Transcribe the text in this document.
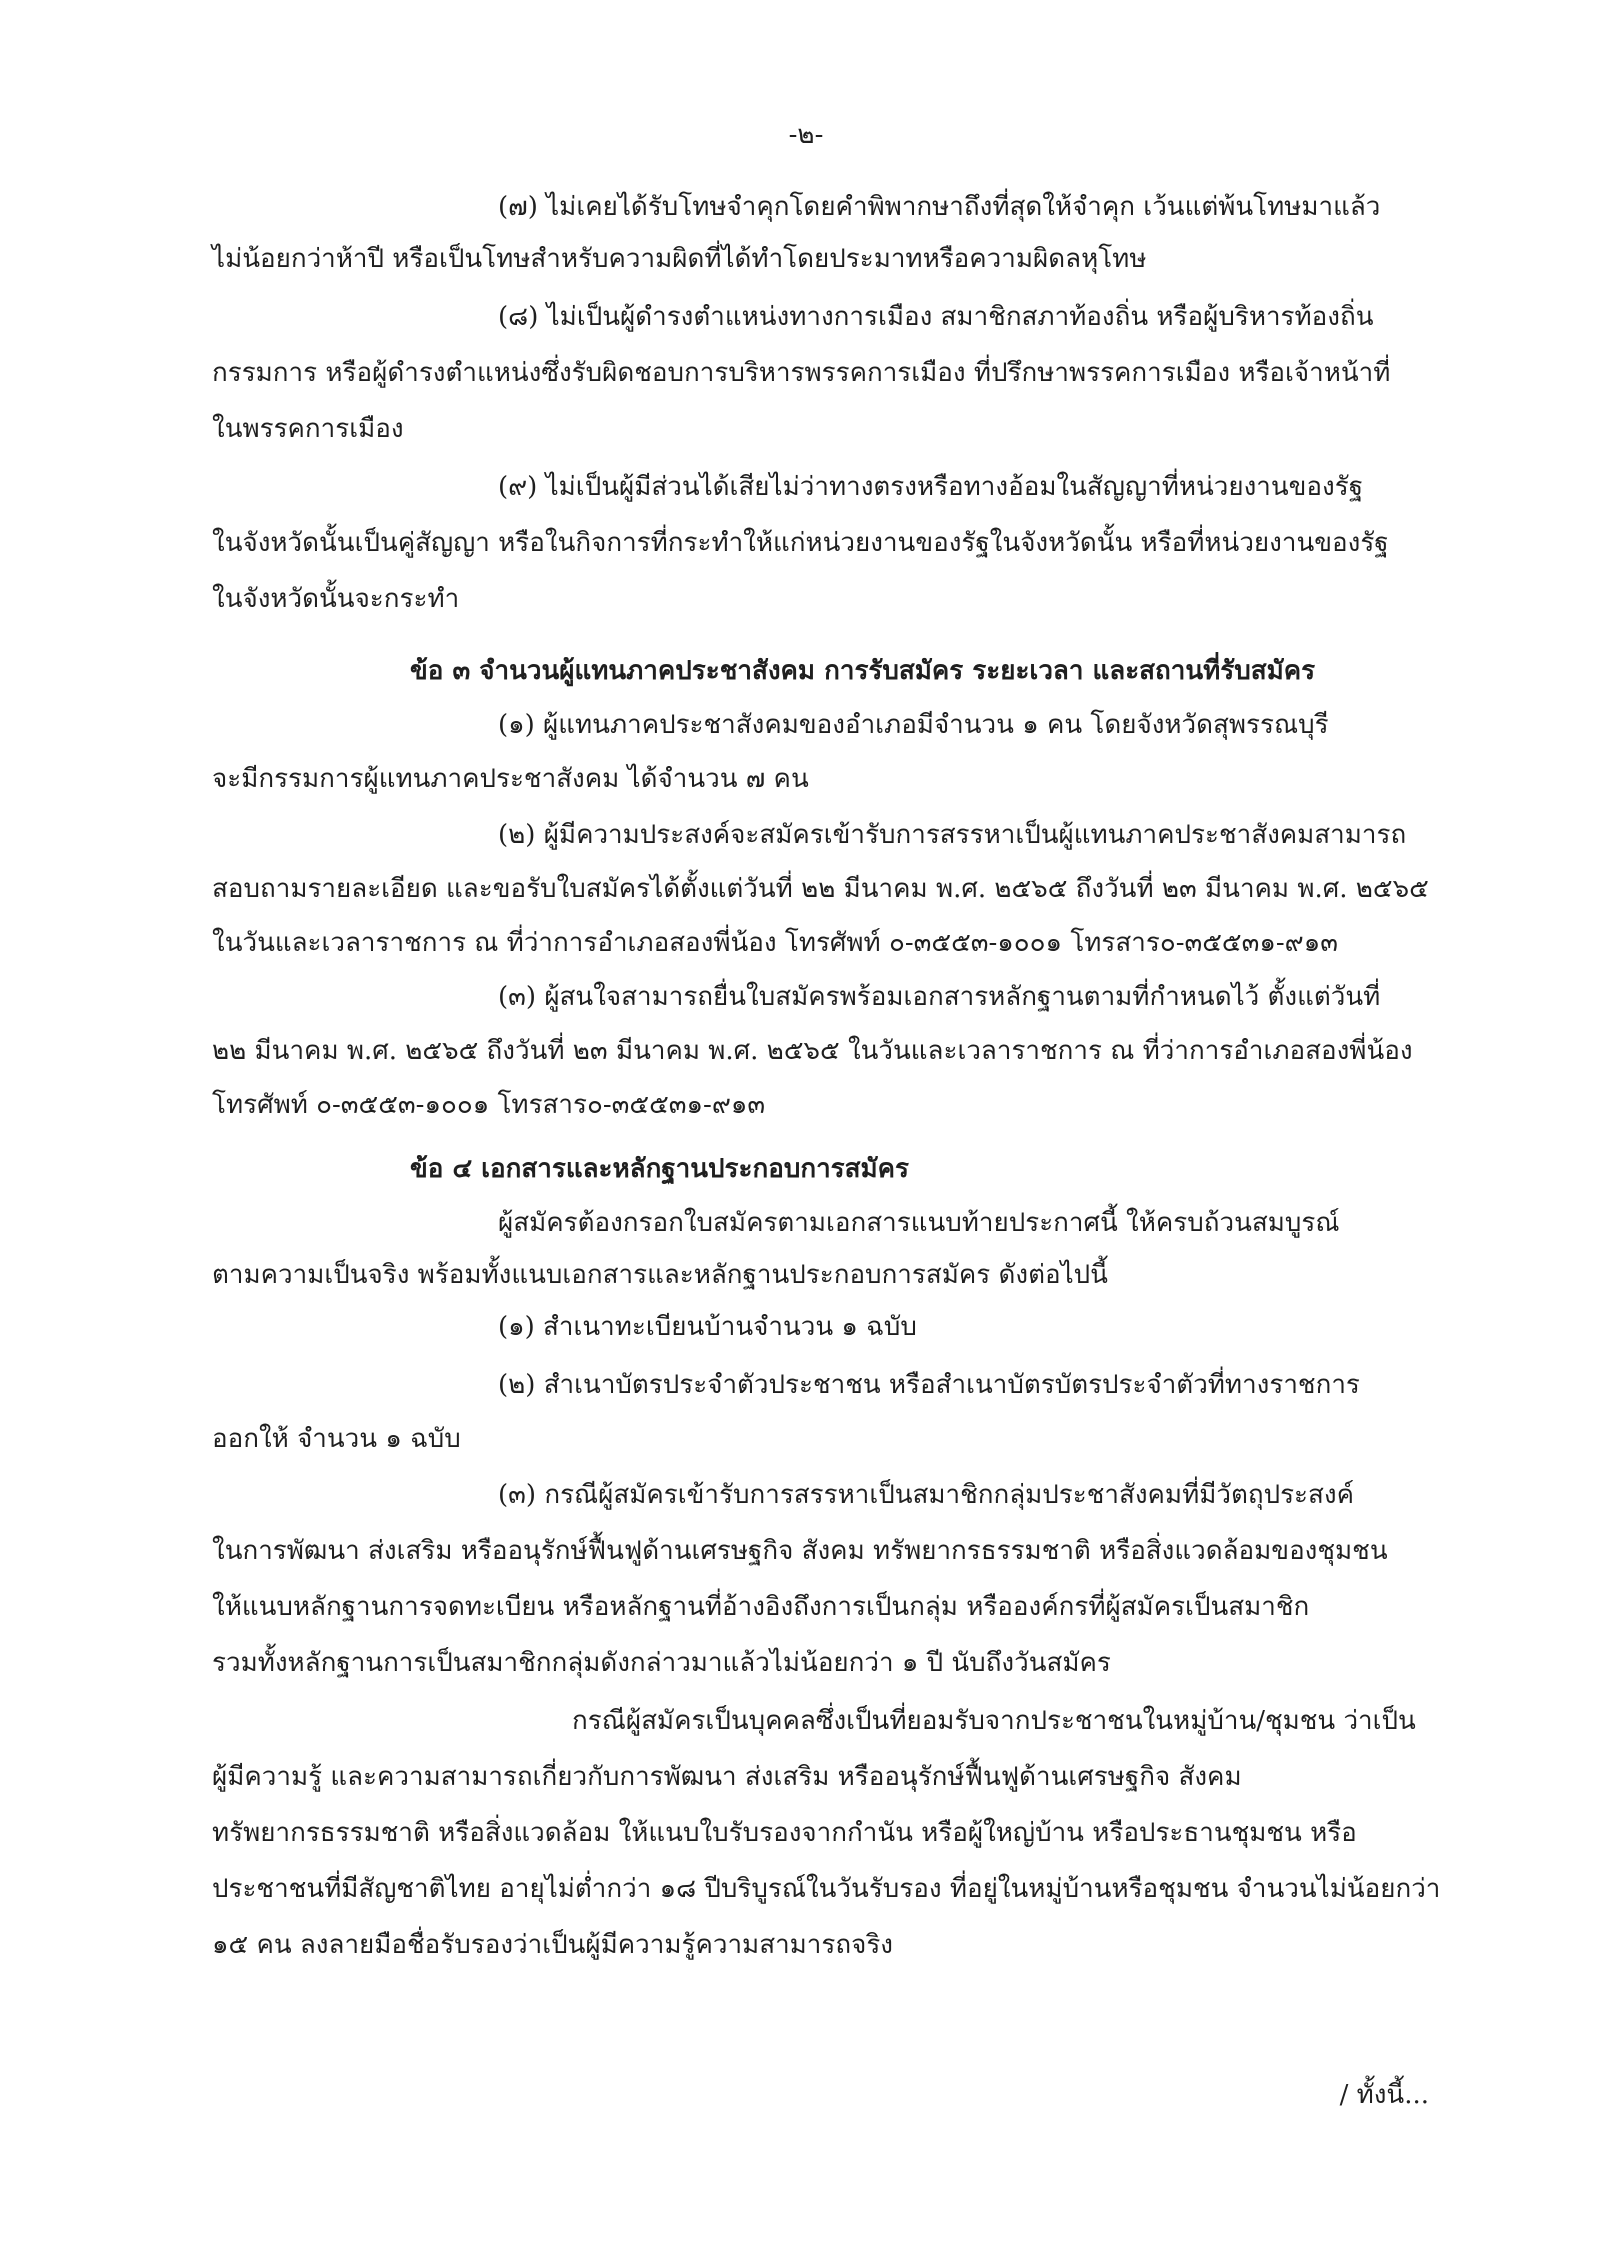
-๒-
(๗) ไม่เคยได้รับโทษจำคุกโดยคำพิพากษาถึงที่สุดให้จำคุก เว้นแต่พ้นโทษมาแล้ว
ไม่น้อยกว่าห้าปี หรือเป็นโทษสำหรับความผิดที่ได้ทำโดยประมาทหรือความผิดลหุโทษ
(๘) ไม่เป็นผู้ดำรงตำแหน่งทางการเมือง สมาชิกสภาท้องถิ่น หรือผู้บริหารท้องถิ่น
กรรมการ หรือผู้ดำรงตำแหน่งซึ่งรับผิดชอบการบริหารพรรคการเมือง ที่ปรึกษาพรรคการเมือง หรือเจ้าหน้าที่
ในพรรคการเมือง
(๙) ไม่เป็นผู้มีส่วนได้เสียไม่ว่าทางตรงหรือทางอ้อมในสัญญาที่หน่วยงานของรัฐ
ในจังหวัดนั้นเป็นคู่สัญญา หรือในกิจการที่กระทำให้แก่หน่วยงานของรัฐในจังหวัดนั้น หรือที่หน่วยงานของรัฐ
ในจังหวัดนั้นจะกระทำ
ข้อ ๓ จำนวนผู้แทนภาคประชาสังคม การรับสมัคร ระยะเวลา และสถานที่รับสมัคร
(๑) ผู้แทนภาคประชาสังคมของอำเภอมีจำนวน ๑ คน โดยจังหวัดสุพรรณบุรี
จะมีกรรมการผู้แทนภาคประชาสังคม ได้จำนวน ๗ คน
(๒) ผู้มีความประสงค์จะสมัครเข้ารับการสรรหาเป็นผู้แทนภาคประชาสังคมสามารถ
สอบถามรายละเอียด และขอรับใบสมัครได้ตั้งแต่วันที่ ๒๒ มีนาคม พ.ศ. ๒๕๖๕ ถึงวันที่ ๒๓ มีนาคม พ.ศ. ๒๕๖๕
ในวันและเวลาราชการ ณ ที่ว่าการอำเภอสองพี่น้อง โทรศัพท์ ๐-๓๕๕๓-๑๐๐๑ โทรสาร๐-๓๕๕๓๑-๙๑๓
(๓) ผู้สนใจสามารถยื่นใบสมัครพร้อมเอกสารหลักฐานตามที่กำหนดไว้ ตั้งแต่วันที่
๒๒ มีนาคม พ.ศ. ๒๕๖๕ ถึงวันที่ ๒๓ มีนาคม พ.ศ. ๒๕๖๕ ในวันและเวลาราชการ ณ ที่ว่าการอำเภอสองพี่น้อง
โทรศัพท์ ๐-๓๕๕๓-๑๐๐๑ โทรสาร๐-๓๕๕๓๑-๙๑๓
ข้อ ๔ เอกสารและหลักฐานประกอบการสมัคร
ผู้สมัครต้องกรอกใบสมัครตามเอกสารแนบท้ายประกาศนี้ ให้ครบถ้วนสมบูรณ์
ตามความเป็นจริง พร้อมทั้งแนบเอกสารและหลักฐานประกอบการสมัคร ดังต่อไปนี้
(๑) สำเนาทะเบียนบ้านจำนวน ๑ ฉบับ
(๒) สำเนาบัตรประจำตัวประชาชน หรือสำเนาบัตรบัตรประจำตัวที่ทางราชการ
ออกให้ จำนวน ๑ ฉบับ
(๓) กรณีผู้สมัครเข้ารับการสรรหาเป็นสมาชิกกลุ่มประชาสังคมที่มีวัตถุประสงค์
ในการพัฒนา ส่งเสริม หรืออนุรักษ์ฟื้นฟูด้านเศรษฐกิจ สังคม ทรัพยากรธรรมชาติ หรือสิ่งแวดล้อมของชุมชน
ให้แนบหลักฐานการจดทะเบียน หรือหลักฐานที่อ้างอิงถึงการเป็นกลุ่ม หรือองค์กรที่ผู้สมัครเป็นสมาชิก
รวมทั้งหลักฐานการเป็นสมาชิกกลุ่มดังกล่าวมาแล้วไม่น้อยกว่า ๑ ปี นับถึงวันสมัคร
กรณีผู้สมัครเป็นบุคคลซึ่งเป็นที่ยอมรับจากประชาชนในหมู่บ้าน/ชุมชน ว่าเป็น
ผู้มีความรู้ และความสามารถเกี่ยวกับการพัฒนา ส่งเสริม หรืออนุรักษ์ฟื้นฟูด้านเศรษฐกิจ สังคม
ทรัพยากรธรรมชาติ หรือสิ่งแวดล้อม ให้แนบใบรับรองจากกำนัน หรือผู้ใหญ่บ้าน หรือประธานชุมชน หรือ
ประชาชนที่มีสัญชาติไทย อายุไม่ต่ำกว่า ๑๘ ปีบริบูรณ์ในวันรับรอง ที่อยู่ในหมู่บ้านหรือชุมชน จำนวนไม่น้อยกว่า
๑๕ คน ลงลายมือชื่อรับรองว่าเป็นผู้มีความรู้ความสามารถจริง
/ ทั้งนี้...
